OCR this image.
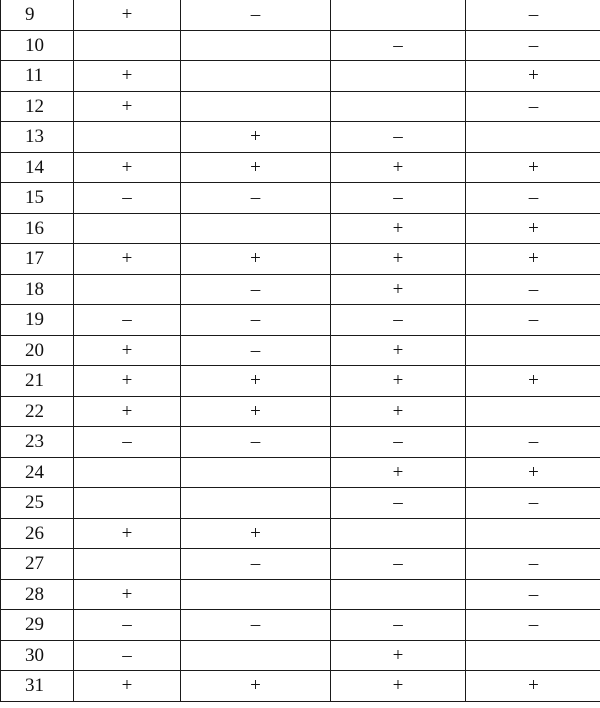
9	+	–		–
10			–	–
11	+			+
12	+			–
13		+	–	
14	+	+	+	+
15	–	–	–	–
16			+	+
17	+	+	+	+
18		–	+	–
19	–	–	–	–
20	+	–	+	
21	+	+	+	+
22	+	+	+	
23	–	–	–	–
24			+	+
25			–	–
26	+	+		
27		–	–	–
28	+			–
29	–	–	–	–
30	–		+	
31	+	+	+	+
